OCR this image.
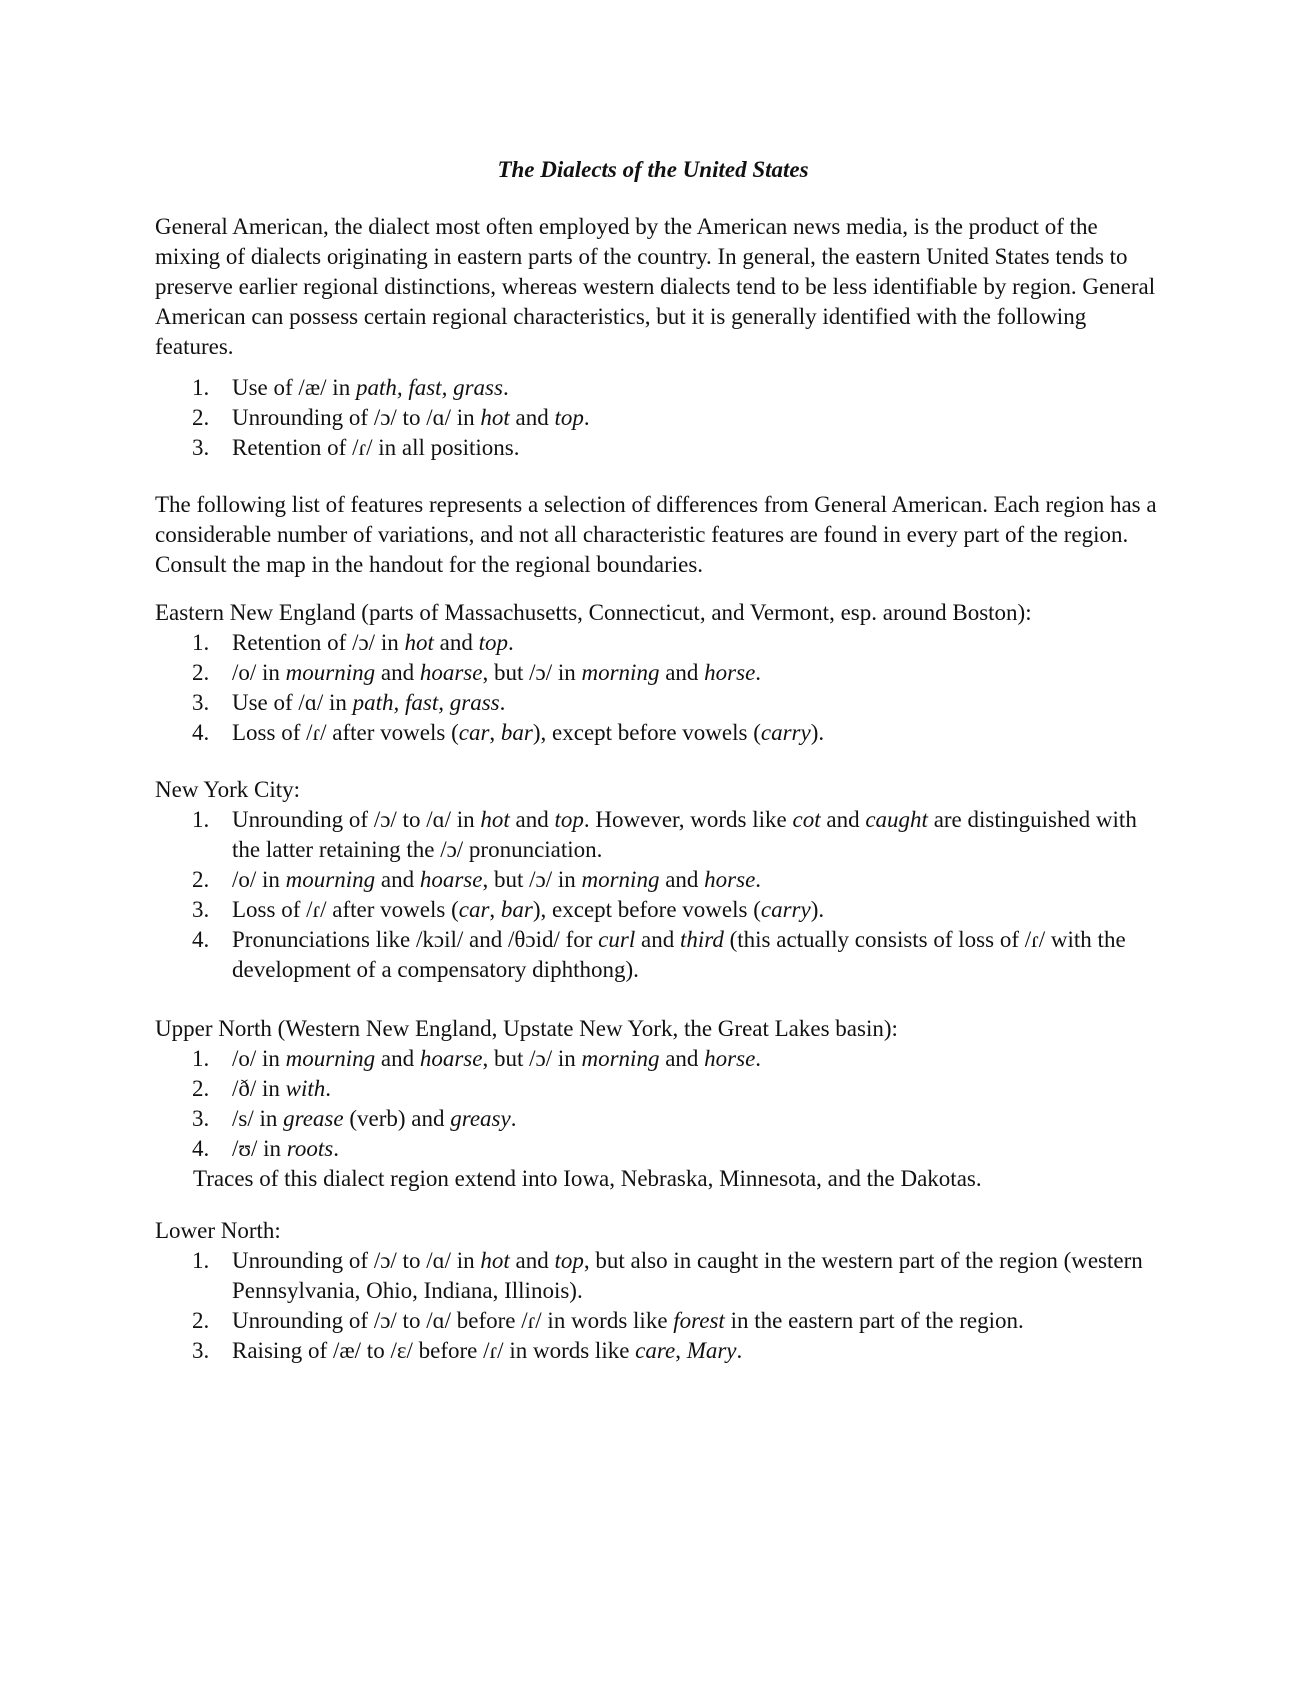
The Dialects of the United States

General American, the dialect most often employed by the American news media, is the product of the mixing of dialects originating in eastern parts of the country. In general, the eastern United States tends to preserve earlier regional distinctions, whereas western dialects tend to be less identifiable by region. General American can possess certain regional characteristics, but it is generally identified with the following features.

1. Use of /æ/ in path, fast, grass.
2. Unrounding of /ɔ/ to /ɑ/ in hot and top.
3. Retention of /ɾ/ in all positions.

The following list of features represents a selection of differences from General American. Each region has a considerable number of variations, and not all characteristic features are found in every part of the region. Consult the map in the handout for the regional boundaries.

Eastern New England (parts of Massachusetts, Connecticut, and Vermont, esp. around Boston):
1. Retention of /ɔ/ in hot and top.
2. /o/ in mourning and hoarse, but /ɔ/ in morning and horse.
3. Use of /ɑ/ in path, fast, grass.
4. Loss of /ɾ/ after vowels (car, bar), except before vowels (carry).
New York City:
1. Unrounding of /ɔ/ to /ɑ/ in hot and top. However, words like cot and caught are distinguished with the latter retaining the /ɔ/ pronunciation.
2. /o/ in mourning and hoarse, but /ɔ/ in morning and horse.
3. Loss of /ɾ/ after vowels (car, bar), except before vowels (carry).
4. Pronunciations like /kɔil/ and /θɔid/ for curl and third (this actually consists of loss of /ɾ/ with the development of a compensatory diphthong).
Upper North (Western New England, Upstate New York, the Great Lakes basin):
1. /o/ in mourning and hoarse, but /ɔ/ in morning and horse.
2. /ð/ in with.
3. /s/ in grease (verb) and greasy.
4. /ʊ/ in roots.

Traces of this dialect region extend into Iowa, Nebraska, Minnesota, and the Dakotas.

Lower North:
1. Unrounding of /ɔ/ to /ɑ/ in hot and top, but also in caught in the western part of the region (western Pennsylvania, Ohio, Indiana, Illinois).
2. Unrounding of /ɔ/ to /ɑ/ before /ɾ/ in words like forest in the eastern part of the region.
3. Raising of /æ/ to /ɛ/ before /ɾ/ in words like care, Mary.
